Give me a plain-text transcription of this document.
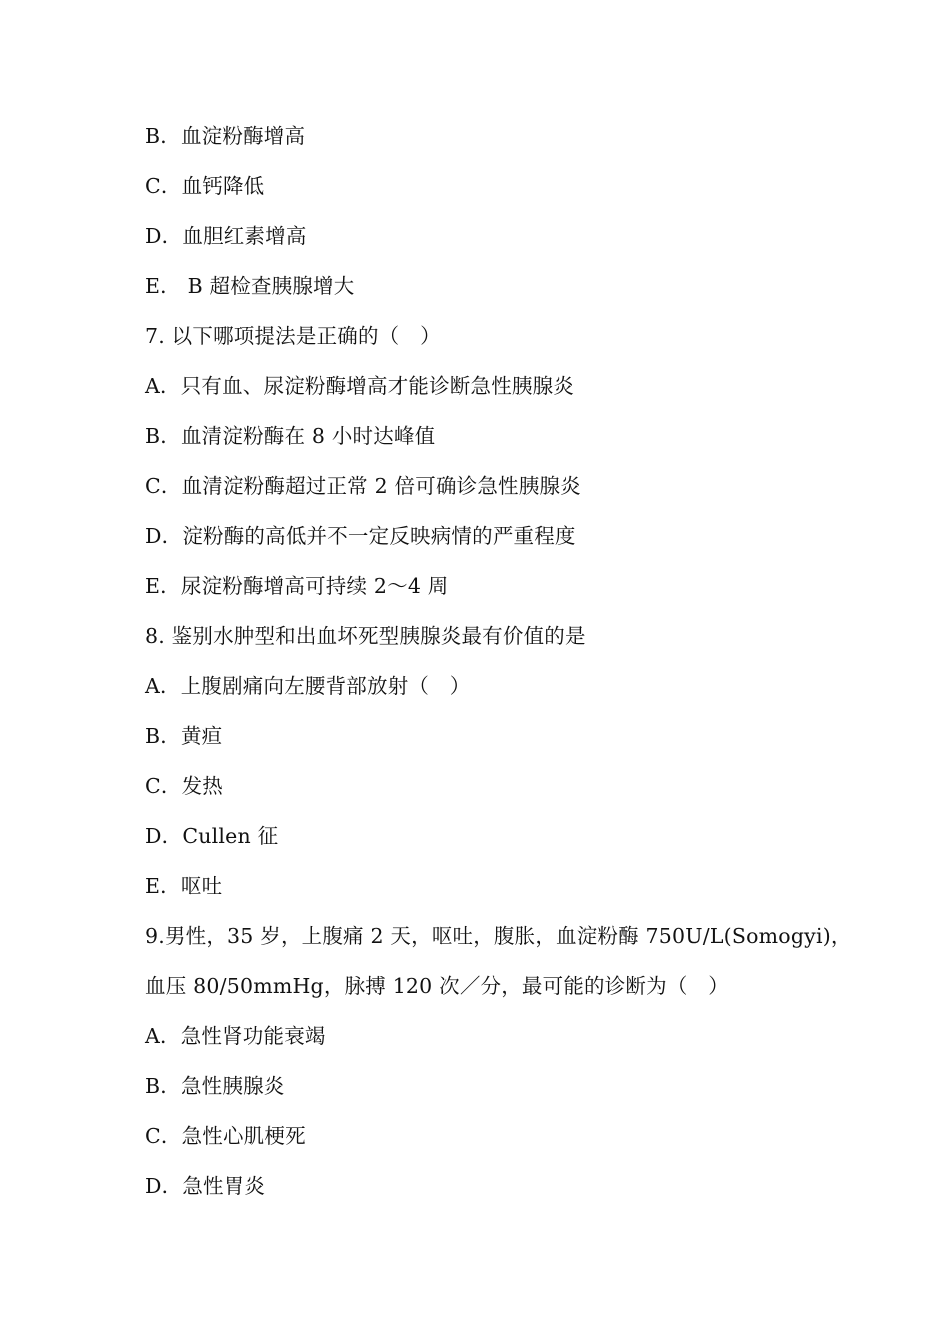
B．血淀粉酶增高
C．血钙降低
D．血胆红素增高
E． B 超检查胰腺增大
7. 以下哪项提法是正确的（　）
A．只有血、尿淀粉酶增高才能诊断急性胰腺炎
B．血清淀粉酶在 8 小时达峰值
C．血清淀粉酶超过正常 2 倍可确诊急性胰腺炎
D．淀粉酶的高低并不一定反映病情的严重程度
E．尿淀粉酶增高可持续 2～4 周
8. 鉴别水肿型和出血坏死型胰腺炎最有价值的是
A．上腹剧痛向左腰背部放射（　）
B．黄疸
C．发热
D．Cullen 征
E．呕吐
9.男性，35 岁，上腹痛 2 天，呕吐，腹胀，血淀粉酶 750U/L(Somogyi)，
血压 80/50mmHg，脉搏 120 次／分，最可能的诊断为（　）
A．急性肾功能衰竭
B．急性胰腺炎
C．急性心肌梗死
D．急性胃炎
